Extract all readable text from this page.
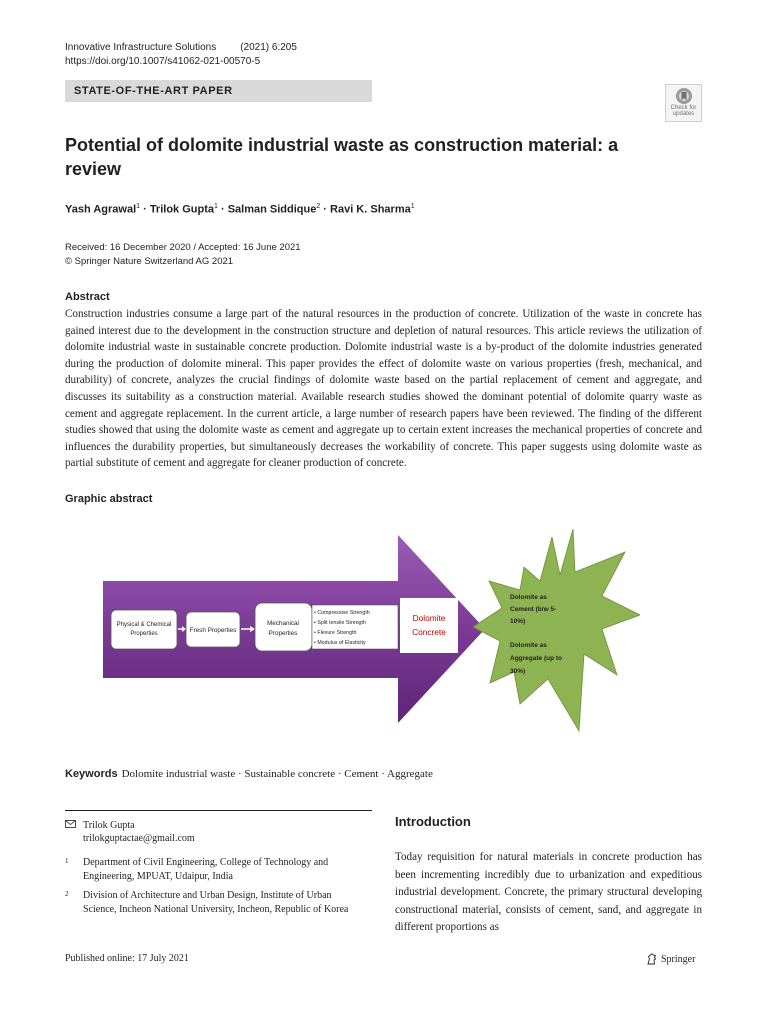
Innovative Infrastructure Solutions (2021) 6:205
https://doi.org/10.1007/s41062-021-00570-5
STATE-OF-THE-ART PAPER
Check for
updates
Potential of dolomite industrial waste as construction material: a review
Yash Agrawal$^1$ · Trilok Gupta$^1$ · Salman Siddique$^2$ · Ravi K. Sharma$^1$
Received: 16 December 2020 / Accepted: 16 June 2021
© Springer Nature Switzerland AG 2021
Abstract
Construction industries consume a large part of the natural resources in the production of concrete. Utilization of the waste in concrete has gained interest due to the development in the construction structure and depletion of natural resources. This article reviews the utilization of dolomite industrial waste in sustainable concrete production. Dolomite industrial waste is a by-product of the dolomite industries generated during the production of dolomite mineral. This paper provides the effect of dolomite waste on various properties (fresh, mechanical, and durability) of concrete, analyzes the crucial findings of dolomite waste based on the partial replacement of cement and aggregate, and discusses its suitability as a construction material. Available research studies showed the dominant potential of dolomite quarry waste as cement and aggregate replacement. In the current article, a large number of research papers have been reviewed. The finding of the different studies showed that using the dolomite waste as cement and aggregate up to certain extent increases the mechanical properties of concrete and influences the durability properties, but simultaneously decreases the workability of concrete. This paper suggests using dolomite waste as partial substitute of cement and aggregate for cleaner production of concrete.
Graphic abstract
Physical & Chemical
Properties	Fresh Properties
Mechanical
Properties
• Compressive Strength
• Split tensile Strength
• Flexure Strength
• Modulus of Elasticity
Dolomite
Concrete
Dolomite as
Cement (b/w 5-
10%)
Dolomite as
Aggregate (up to
30%)
Keywords Dolomite industrial waste · Sustainable concrete · Cement · Aggregate
Trilok Gupta
trilokguptactae@gmail.com
1 Department of Civil Engineering, College of Technology and Engineering, MPUAT, Udaipur, India
2 Division of Architecture and Urban Design, Institute of Urban Science, Incheon National University, Incheon, Republic of Korea
Introduction
Today requisition for natural materials in concrete production has been incrementing incredibly due to urbanization and expeditious industrial development. Concrete, the primary structural developing constructional material, consists of cement, sand, and aggregate in different proportions as
Published online: 17 July 2021	Springer
